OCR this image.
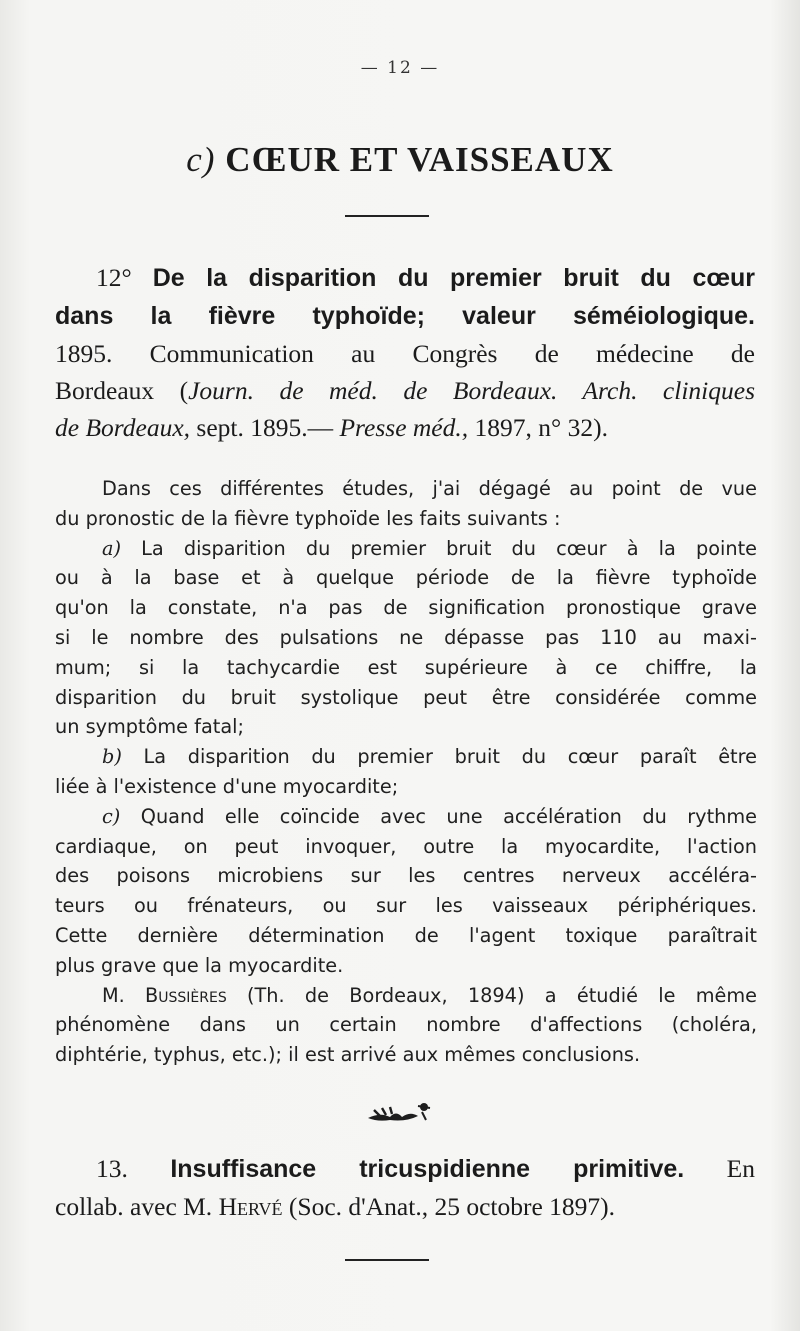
— 12 —
c) CŒUR ET VAISSEAUX
12° De la disparition du premier bruit du cœur
dans la fièvre typhoïde; valeur séméiologique.
1895. Communication au Congrès de médecine de
Bordeaux (Journ. de méd. de Bordeaux. Arch. cliniques
de Bordeaux, sept. 1895.— Presse méd., 1897, n° 32).
Dans ces différentes études, j'ai dégagé au point de vue
du pronostic de la fièvre typhoïde les faits suivants :
a) La disparition du premier bruit du cœur à la pointe
ou à la base et à quelque période de la fièvre typhoïde
qu'on la constate, n'a pas de signification pronostique grave
si le nombre des pulsations ne dépasse pas 110 au maxi-
mum; si la tachycardie est supérieure à ce chiffre, la
disparition du bruit systolique peut être considérée comme
un symptôme fatal;
b) La disparition du premier bruit du cœur paraît être
liée à l'existence d'une myocardite;
c) Quand elle coïncide avec une accélération du rythme
cardiaque, on peut invoquer, outre la myocardite, l'action
des poisons microbiens sur les centres nerveux accéléra-
teurs ou frénateurs, ou sur les vaisseaux périphériques.
Cette dernière détermination de l'agent toxique paraîtrait
plus grave que la myocardite.
M. Bussières (Th. de Bordeaux, 1894) a étudié le même
phénomène dans un certain nombre d'affections (choléra,
diphtérie, typhus, etc.); il est arrivé aux mêmes conclusions.
13. Insuffisance tricuspidienne primitive. En
collab. avec M. Hervé (Soc. d'Anat., 25 octobre 1897).
